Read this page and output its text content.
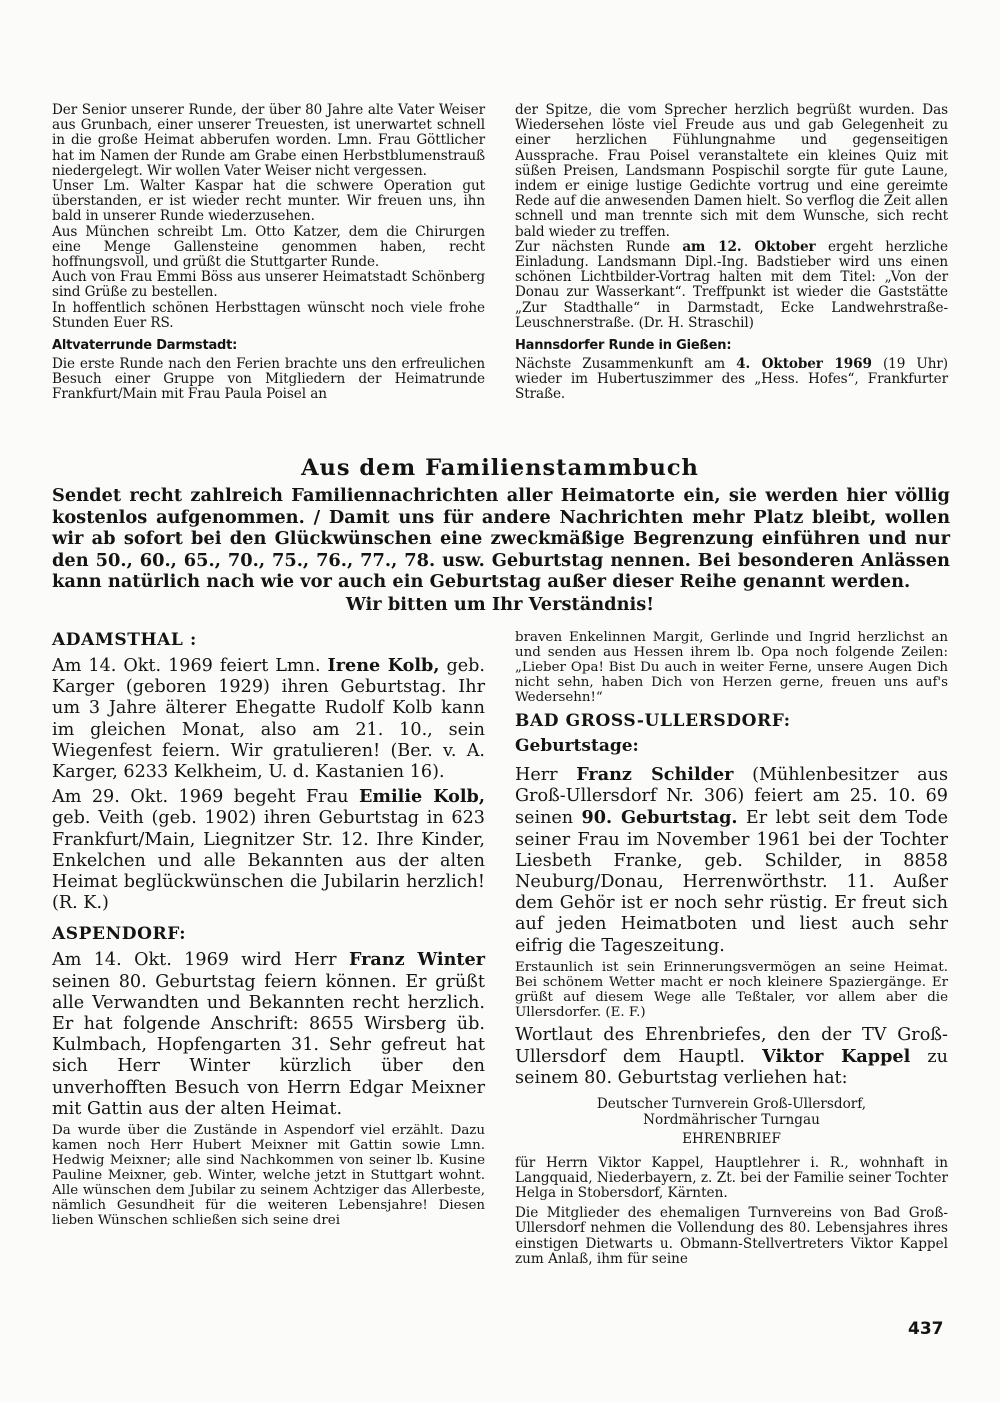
Der Senior unserer Runde, der über 80 Jahre alte Vater Weiser aus Grunbach, einer unserer Treuesten, ist unerwartet schnell in die große Heimat abberufen worden. Lmn. Frau Göttlicher hat im Namen der Runde am Grabe einen Herbstblumenstrauß niedergelegt. Wir wollen Vater Weiser nicht vergessen.

Unser Lm. Walter Kaspar hat die schwere Operation gut überstanden, er ist wieder recht munter. Wir freuen uns, ihn bald in unserer Runde wiederzusehen.

Aus München schreibt Lm. Otto Katzer, dem die Chirurgen eine Menge Gallensteine genommen haben, recht hoffnungsvoll, und grüßt die Stuttgarter Runde.

Auch von Frau Emmi Böss aus unserer Heimatstadt Schönberg sind Grüße zu bestellen.

In hoffentlich schönen Herbsttagen wünscht noch viele frohe Stunden Euer RS.

Altvaterrunde Darmstadt:

Die erste Runde nach den Ferien brachte uns den erfreulichen Besuch einer Gruppe von Mitgliedern der Heimatrunde Frankfurt/Main mit Frau Paula Poisel an

der Spitze, die vom Sprecher herzlich begrüßt wurden. Das Wiedersehen löste viel Freude aus und gab Gelegenheit zu einer herzlichen Fühlungnahme und gegenseitigen Aussprache. Frau Poisel veranstaltete ein kleines Quiz mit süßen Preisen, Landsmann Pospischil sorgte für gute Laune, indem er einige lustige Gedichte vortrug und eine gereimte Rede auf die anwesenden Damen hielt. So verflog die Zeit allen schnell und man trennte sich mit dem Wunsche, sich recht bald wieder zu treffen.

Zur nächsten Runde am 12. Oktober ergeht herzliche Einladung. Landsmann Dipl.-Ing. Badstieber wird uns einen schönen Lichtbilder-Vortrag halten mit dem Titel: „Von der Donau zur Wasserkant“. Treffpunkt ist wieder die Gaststätte „Zur Stadthalle“ in Darmstadt, Ecke Landwehrstraße-Leuschnerstraße. (Dr. H. Straschil)

Hannsdorfer Runde in Gießen:

Nächste Zusammenkunft am 4. Oktober 1969 (19 Uhr) wieder im Hubertuszimmer des „Hess. Hofes“, Frankfurter Straße.

Aus dem Familienstammbuch

Sendet recht zahlreich Familiennachrichten aller Heimatorte ein, sie werden hier völlig kostenlos aufgenommen. / Damit uns für andere Nachrichten mehr Platz bleibt, wollen wir ab sofort bei den Glückwünschen eine zweckmäßige Begrenzung einführen und nur den 50., 60., 65., 70., 75., 76., 77., 78. usw. Geburtstag nennen. Bei besonderen Anlässen kann natürlich nach wie vor auch ein Geburtstag außer dieser Reihe genannt werden.

Wir bitten um Ihr Verständnis!

ADAMSTHAL :

Am 14. Okt. 1969 feiert Lmn. Irene Kolb, geb. Karger (geboren 1929) ihren Geburtstag. Ihr um 3 Jahre älterer Ehegatte Rudolf Kolb kann im gleichen Monat, also am 21. 10., sein Wiegenfest feiern. Wir gratulieren! (Ber. v. A. Karger, 6233 Kelkheim, U. d. Kastanien 16).

Am 29. Okt. 1969 begeht Frau Emilie Kolb, geb. Veith (geb. 1902) ihren Geburtstag in 623 Frankfurt/Main, Liegnitzer Str. 12. Ihre Kinder, Enkelchen und alle Bekannten aus der alten Heimat beglückwünschen die Jubilarin herzlich! (R. K.)

ASPENDORF:

Am 14. Okt. 1969 wird Herr Franz Winter seinen 80. Geburtstag feiern können. Er grüßt alle Verwandten und Bekannten recht herzlich. Er hat folgende Anschrift: 8655 Wirsberg üb. Kulmbach, Hopfengarten 31. Sehr gefreut hat sich Herr Winter kürzlich über den unverhofften Besuch von Herrn Edgar Meixner mit Gattin aus der alten Heimat.

Da wurde über die Zustände in Aspendorf viel erzählt. Dazu kamen noch Herr Hubert Meixner mit Gattin sowie Lmn. Hedwig Meixner; alle sind Nachkommen von seiner lb. Kusine Pauline Meixner, geb. Winter, welche jetzt in Stuttgart wohnt. Alle wünschen dem Jubilar zu seinem Achtziger das Allerbeste, nämlich Gesundheit für die weiteren Lebensjahre! Diesen lieben Wünschen schließen sich seine drei

braven Enkelinnen Margit, Gerlinde und Ingrid herzlichst an und senden aus Hessen ihrem lb. Opa noch folgende Zeilen: „Lieber Opa! Bist Du auch in weiter Ferne, unsere Augen Dich nicht sehn, haben Dich von Herzen gerne, freuen uns auf's Wedersehn!“

BAD GROSS-ULLERSDORF:
Geburtstage:

Herr Franz Schilder (Mühlenbesitzer aus Groß-Ullersdorf Nr. 306) feiert am 25. 10. 69 seinen 90. Geburtstag. Er lebt seit dem Tode seiner Frau im November 1961 bei der Tochter Liesbeth Franke, geb. Schilder, in 8858 Neuburg/Donau, Herrenwörthstr. 11. Außer dem Gehör ist er noch sehr rüstig. Er freut sich auf jeden Heimatboten und liest auch sehr eifrig die Tageszeitung.

Erstaunlich ist sein Erinnerungsvermögen an seine Heimat. Bei schönem Wetter macht er noch kleinere Spaziergänge. Er grüßt auf diesem Wege alle Teßtaler, vor allem aber die Ullersdorfer. (E. F.)

Wortlaut des Ehrenbriefes, den der TV Groß-Ullersdorf dem Hauptl. Viktor Kappel zu seinem 80. Geburtstag verliehen hat:

Deutscher Turnverein Groß-Ullersdorf,
Nordmährischer Turngau

EHRENBRIEF

für Herrn Viktor Kappel, Hauptlehrer i. R., wohnhaft in Langquaid, Niederbayern, z. Zt. bei der Familie seiner Tochter Helga in Stobersdorf, Kärnten.

Die Mitglieder des ehemaligen Turnvereins von Bad Groß-Ullersdorf nehmen die Vollendung des 80. Lebensjahres ihres einstigen Dietwarts u. Obmann-Stellvertreters Viktor Kappel zum Anlaß, ihm für seine

437
